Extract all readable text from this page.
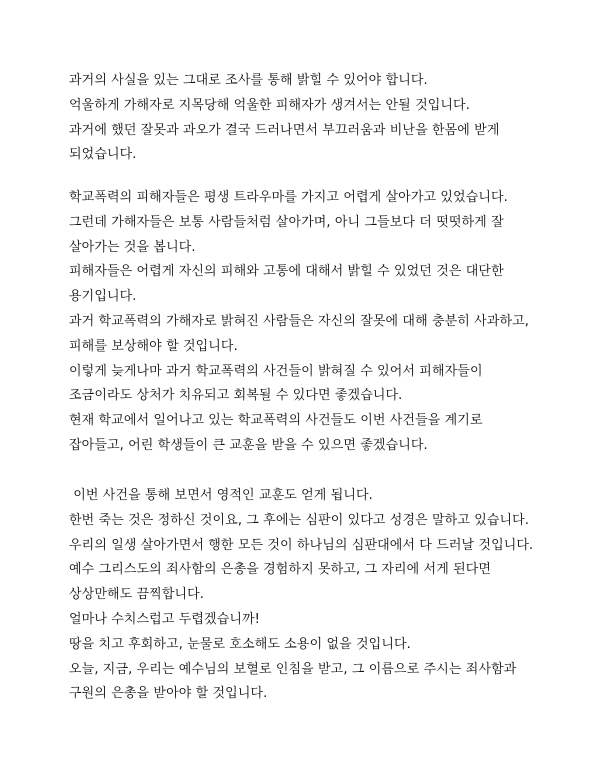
과거의 사실을 있는 그대로 조사를 통해 밝힐 수 있어야 합니다.
억울하게 가해자로 지목당해 억울한 피해자가 생겨서는 안될 것입니다.
과거에 했던 잘못과 과오가 결국 드러나면서 부끄러움과 비난을 한몸에 받게
되었습니다.
학교폭력의 피해자들은 평생 트라우마를 가지고 어렵게 살아가고 있었습니다.
그런데 가해자들은 보통 사람들처럼 살아가며, 아니 그들보다 더 떳떳하게 잘
살아가는 것을 봅니다.
피해자들은 어렵게 자신의 피해와 고통에 대해서 밝힐 수 있었던 것은 대단한
용기입니다.
과거 학교폭력의 가해자로 밝혀진 사람들은 자신의 잘못에 대해 충분히 사과하고,
피해를 보상해야 할 것입니다.
이렇게 늦게나마 과거 학교폭력의 사건들이 밝혀질 수 있어서 피해자들이
조금이라도 상처가 치유되고 회복될 수 있다면 좋겠습니다.
현재 학교에서 일어나고 있는 학교폭력의 사건들도 이번 사건들을 계기로
잡아들고, 어린 학생들이 큰 교훈을 받을 수 있으면 좋겠습니다.
이번 사건을 통해 보면서 영적인 교훈도 얻게 됩니다.
한번 죽는 것은 정하신 것이요, 그 후에는 심판이 있다고 성경은 말하고 있습니다.
우리의 일생 살아가면서 행한 모든 것이 하나님의 심판대에서 다 드러날 것입니다.
예수 그리스도의 죄사함의 은총을 경험하지 못하고, 그 자리에 서게 된다면
상상만해도 끔찍합니다.
얼마나 수치스럽고 두렵겠습니까!
땅을 치고 후회하고, 눈물로 호소해도 소용이 없을 것입니다.
오늘, 지금, 우리는 예수님의 보혈로 인침을 받고, 그 이름으로 주시는 죄사함과
구원의 은총을 받아야 할 것입니다.
